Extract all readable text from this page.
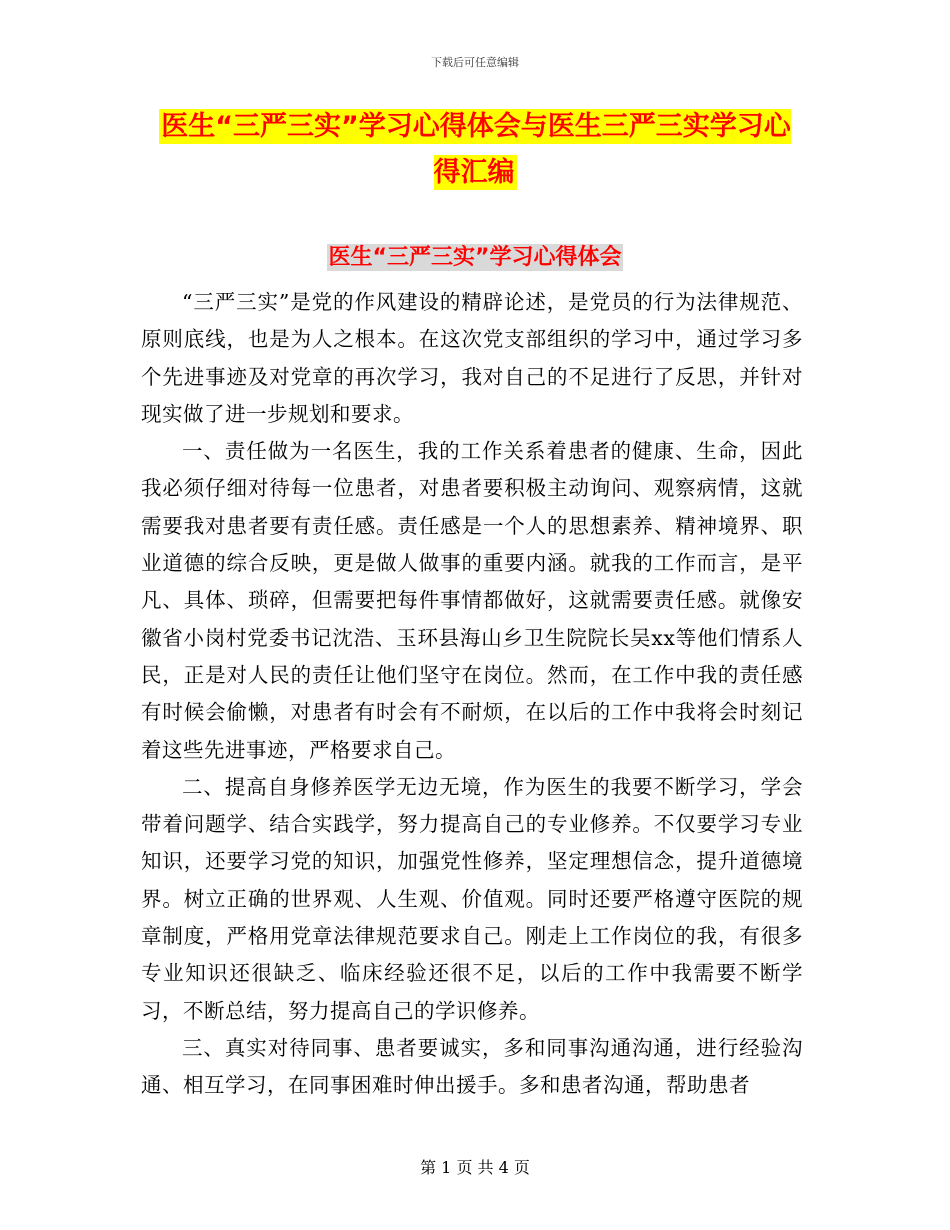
下载后可任意编辑
医生“三严三实”学习心得体会与医生三严三实学习心得汇编
医生“三严三实”学习心得体会

“三严三实”是党的作风建设的精辟论述，是党员的行为法律规范、原则底线，也是为人之根本。在这次党支部组织的学习中，通过学习多个先进事迹及对党章的再次学习，我对自己的不足进行了反思，并针对现实做了进一步规划和要求。

一、责任做为一名医生，我的工作关系着患者的健康、生命，因此我必须仔细对待每一位患者，对患者要积极主动询问、观察病情，这就需要我对患者要有责任感。责任感是一个人的思想素养、精神境界、职业道德的综合反映，更是做人做事的重要内涵。就我的工作而言，是平凡、具体、琐碎，但需要把每件事情都做好，这就需要责任感。就像安徽省小岗村党委书记沈浩、玉环县海山乡卫生院院长吴xx等他们情系人民，正是对人民的责任让他们坚守在岗位。然而，在工作中我的责任感有时候会偷懒，对患者有时会有不耐烦，在以后的工作中我将会时刻记着这些先进事迹，严格要求自己。

二、提高自身修养医学无边无境，作为医生的我要不断学习，学会带着问题学、结合实践学，努力提高自己的专业修养。不仅要学习专业知识，还要学习党的知识，加强党性修养，坚定理想信念，提升道德境界。树立正确的世界观、人生观、价值观。同时还要严格遵守医院的规章制度，严格用党章法律规范要求自己。刚走上工作岗位的我，有很多专业知识还很缺乏、临床经验还很不足，以后的工作中我需要不断学习，不断总结，努力提高自己的学识修养。

三、真实对待同事、患者要诚实，多和同事沟通沟通，进行经验沟通、相互学习，在同事困难时伸出援手。多和患者沟通，帮助患者

第 1 页 共 4 页
